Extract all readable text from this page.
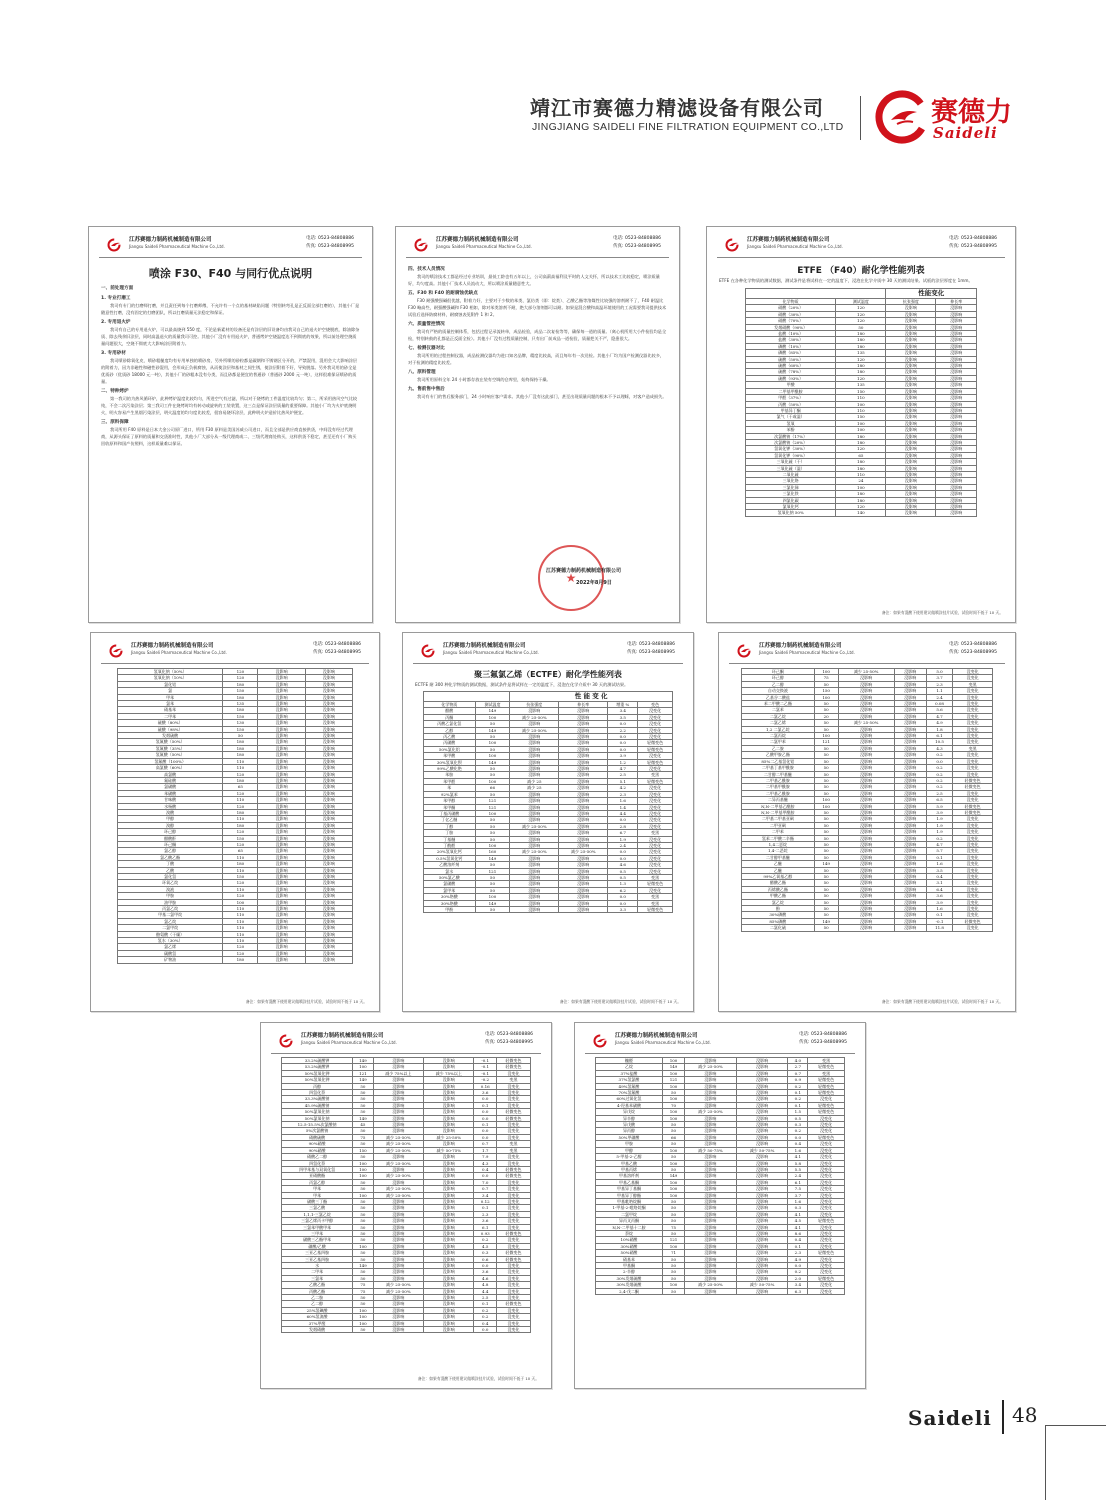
靖江市赛德力精滤设备有限公司
JINGJIANG SAIDELI FINE FILTRATION EQUIPMENT CO.,LTD	赛德力
Saideli
江苏赛德力制药机械制造有限公司
Jiangsu Saideli Pharmaceutical Machine Co.,Ltd.
电话: 0523-84808886
传真: 0523-84808995
喷涂 F30、F40 与同行优点说明
一、前处理方面
1. 专业打磨工

我司有专门的打磨师打磨，并且责任到每个打磨师傅，不允许有一个点的基材缺陷问题（特别转弯孔是正反面全部打磨的），其他小厂是随意性打磨，没有固定的打磨团队，所以打磨质量无法稳定和保证。

2. 专用退火炉

我司有自己的专用退火炉，可以最高烧到 550 度，不论是新素材的设备还是有涂层的旧设备均由我司自己的退火炉空烧脱底，除油除杂质、除去残余旧涂层，同时高温退火的质量我司可控。其他小厂没有专用退火炉，普通烤炉空烧温度达不到彻底的效果，所以前处理空烧质量问题很大，空烧不彻底大大影响涂层附着力。

3. 专用砂材

我司喷砂除氧化皮、喷砂粗糙度均有专用单独的喷砂房，另外所喷的砂粒都是碳钢和不锈钢区分开的，严禁混用，混用会大大影响涂层的附着力，因为非磁性和磁性砂混用，会形成正负极腐蚀，从而使涂层和基材之间生锈，使涂层附着不好，导致脱落。另外我司用的砂全是优质砂（优质砂 18000 元一吨），其他小厂的砂粗本没有分类，而且砂都是便宜的普通砂（普通砂 2000 元一吨），这样很难保证喷砂的质量。

二、特种烤炉

第一我司的为热风循环炉，此种烤炉温度比较均匀，所进空气有过滤，所以对于烧烤的工件温度比较均匀；第二，所采用热风空气比较纯，不会二次污染涂层；第三我司工件在烧烤时均有转动或旋转的工装装置，这三点是保证涂层质量的重要保障。其他小厂均为火炉底烧明火，明火容易产生黑烟污染涂层，明火温度的均匀度比较差，很容易烧坏涂层，此种明火炉造价比热风炉便宜。

三、原料保障

我司所用 F40 原料是日本大金公司原厂进口，所用 F30 原料是美国苏威公司进口，而且全部是供应商直接供货，中间没有经过代理商，从源头保证了原料的质量和交货准时性，其他小厂大部分从一级代理商或二、三级代理商处购买，这样供货不稳定，甚至还有小厂购买回收原料和国产仿照料，这样质量难以保证。

江苏赛德力制药机械制造有限公司
Jiangsu Saideli Pharmaceutical Machine Co.,Ltd.
电话: 0523-84808886
传真: 0523-84808995
四、技术人员情况

我司的喷涂技术工都是经过专业培训，最低工龄也有五年以上，公司高薪高福利及平时的人文关怀，所以技术工比较稳定，喷涂质量好，均匀度高。其他小厂技术人员流动大，所以喷涂质量随意性大。

五、F30 和 F40 的耐腐蚀优缺点

F30 耐强酸强碱很优越，附着力好，主要对于少数的苯类、氯仿类（即：烷类）、乙酸乙酯等溶媒性比较强的溶剂耐不了，F40 耐温比 F30 略高些，耐强酸强碱和 F30 相如，除对苯类溶剂不耐，绝大部分溶剂都可以耐。如果是混合酸和高温环境使用的工况需要我司提供技术试验后选择防腐材料，耐腐蚀表见附件 1 和 2。

六、质量管控情况

我司有严格的质量控制体系，包括过程记录流转单，成品检验，成品二次复检等等，确保每一道的质量。（离心机所用大小件检验均是全检，特别转鼓的孔都是正反面全检）。其他小厂没有过程质量控制，只有出厂前成品一道检验，质量把关不严，隐患很大。

七、检测仪器对比

我司所用的过程控制仪器，成品检测仪器均为进口知名品牌，精度比较高，而且每年有一次送检。其他小厂均为国产检测仪器比较多，对于检测的精度比较差。

八、原料管理

我司所用原料全年 24 小时都存放在装有空调的仓库里，始终保持干燥。

九、售前售中售后

我司有专门的售后服务部门，24 小时响应客户需求。其他小厂没有这此部门，甚至出现质量问题的根本不予以理睬，对客户造成损失。

★
江苏赛德力制药机械制造有限公司
2022年8月9日
江苏赛德力制药机械制造有限公司
Jiangsu Saideli Pharmaceutical Machine Co.,Ltd.
电话: 0523-84808886
传真: 0523-84808995
ETFE （F40）耐化学性能列表
ETFE 在各种化学物质的测试数据，测试条件是将试样在一定的温度下，浸泡在化学介质中 30 天的测试结果。试板的涂层厚度在 1mm。
		性能变化	
化学物质	测试温度	抗张强度	伸长率
硝酸（20%）	120	没影响	没影响
硝酸（30%）	120	没影响	没影响
硝酸（70%）	120	没影响	没影响
发烟硝酸（90%）	50	没影响	没影响
盐酸（10%）	180	没影响	没影响
盐酸（30%）	180	没影响	没影响
磷酸（10%）	180	没影响	没影响
磷酸（85%）	135	没影响	没影响
硫酸（50%）	120	没影响	没影响
硫酸（60%）	180	没影响	没影响
硫酸（78%）	180	没影响	没影响
硫酸（93%）	120	没影响	没影响
甲酸	135	没影响	没影响
二甲基甲酰胺	150	没影响	没影响
甲醛（37%）	110	没影响	没影响
丙酸（50%）	100	没影响	没影响
甲基异丁酮	110	没影响	没影响
氯气（干或湿）	150	没影响	没影响
氢氧	100	没影响	没影响
苯酚	100	没影响	没影响
次氯酸钠（17%）	180	没影响	没影响
次氯酸钠（20%）	180	没影响	没影响
氢氧化钾（30%）	120	没影响	没影响
氢氧化钾（90%）	65	没影响	没影响
三氧化硫（干）	180	没影响	没影响
三氧化硫（湿）	180	没影响	没影响
二氧化硫	110	没影响	没影响
三氧化铬	24	没影响	没影响
三氯化锑	100	没影响	没影响
三氯化铁	180	没影响	没影响
四氯化碳	180	没影响	没影响
氯氧化钙	120	没影响	没影响
氢氧化钠 50%	140	没影响	没影响
备注：如果有混酸下使用建议做喷涂挂片试验，试验时间不低于 10 天。
江苏赛德力制药机械制造有限公司
Jiangsu Saideli Pharmaceutical Machine Co.,Ltd.
电话: 0523-84808886
传真: 0523-84808995
氢氧化钠（50%）	120	没影响	没影响
氢氧化钠（10%）	120	没影响	没影响
氯化铝	180	没影响	没影响
氯	150	没影响	没影响
甲苯	180	没影响	没影响
氯苯	135	没影响	没影响
硝基苯	180	没影响	没影响
二甲苯	150	没影响	没影响
硫酸（80%）	130	没影响	没影响
硫酸（98%）	150	没影响	没影响
发烟硫酸	50	没影响	没影响
氢氟酸（50%）	180	没影响	没影响
氢氟酸（35%）	180	没影响	没影响
氢氟酸（50%）	180	没影响	没影响
氢氟酸（100%）	110	没影响	没影响
高氯酸（60%）	110	没影响	没影响
高氯酸	120	没影响	没影响
氟硅酸	180	没影响	没影响
氯磺酸	65	没影响	没影响
苯磺酸	120	没影响	没影响
甘味酸	110	没影响	没影响
水杨酸	120	没影响	没影响
溴酸	180	没影响	没影响
甲醇	110	没影响	没影响
溴醇	180	没影响	没影响
环己醇	120	没影响	没影响
醋酸酐	150	没影响	没影响
环己酮	120	没影响	没影响
氯乙醇	65	没影响	没影响
氯乙酸乙酯	110	没影响	没影响
丁酸	180	没影响	没影响
乙酸	110	没影响	没影响
氯化氢	150	没影响	没影响
环氧乙烷	120	没影响	没影响
溴液	110	没影响	没影响
甲胺	120	没影响	没影响
油甲胺	100	没影响	没影响
丙氯乙烷	110	没影响	没影响
甲基二氯甲烷	110	没影响	没影响
氯乙烷	110	没影响	没影响
二氯甲烷	110	没影响	没影响
酪氨酸（干燥）	110	没影响	没影响
氢水（30%）	110	没影响	没影响
氯乙烯	120	没影响	没影响
碳酸氢	120	没影响	没影响
矿物油	180	没影响	没影响
备注：如果有混酸下使用建议做喷涂挂片试验，试验时间不低于 10 天。
江苏赛德力制药机械制造有限公司
Jiangsu Saideli Pharmaceutical Machine Co.,Ltd.
电话: 0523-84808886
传真: 0523-84808995
聚三氟氯乙烯（ECTFE）耐化学性能列表
ECTFE 耐 300 种化学物质的测试数据，测试条件是将试样在一定的温度下，浸泡在化学介质中 30 天的测试结果。
		性 能 变 化			
化学物质	测试温度	抗张强度	伸长率	增重 %	变色
醋酸	149	没影响	没影响	3.4	没变化
丙酮	100	减少 25-50%	没影响	3.5	没变化
丙酸乙氯化氢	50	没影响	没影响	0.0	没变化
乙醇	149	减少 25-50%	没影响	2.2	没变化
丙乙酸	50	没影响	没影响	0.0	没变化
丙磺酸	100	没影响	没影响	0.0	轻微变色
50%氯化铝	50	没影响	没影响	0.0	轻微变色
苯甲酸	100	没影响	没影响	3.9	没变化
30%氢氧化钡	149	没影响	没影响	1.2	轻微变色
99%乙酸化铯	50	没影响	没影响	4.7	没变化
苯胺	50	没影响	没影响	2.5	变黑
苯甲醛	100	减少 25	没影响	5.1	轻微变色
苯	66	减少 25	没影响	4.2	没变化
92%氯苯	50	没影响	没影响	2.3	没变化
苯甲醇	121	没影响	没影响	1.6	没变化
苯甲酮	121	没影响	没影响	1.4	没变化
丁基丙磺酸	100	没影响	没影响	4.4	没变化
丁亿乙醚	50	没影响	没影响	0.0	没变化
丁醇	50	减少 25-50%	没影响	2.8	没变化
丁胺	50	没影响	没影响	6.7	变黑
丁基醚	50	没影响	没影响	1.9	没变化
丁酰醛	100	没影响	没影响	2.4	没变化
20%氢氧化钙	160	减少 25-50%	减少 25-50%	0.0	没变化
0.5%氢氧化钙	149	没影响	没影响	0.0	没变化
乙酸溶纤剂	50	没影响	没影响	4.6	没变化
氯水	121	没影响	没影响	0.5	没变化
50%氯乙酸	50	没影响	没影响	0.5	变黑
氯磺酸	50	没影响	没影响	1.3	轻微变色
氯甲苯	50	没影响	没影响	6.2	没变化
30%铬酸	100	没影响	没影响	0.0	变黑
30%铬酸	149	没影响	没影响	0.0	变黑
甲酚	50	没影响	没影响	3.3	轻微变色
备注：如果有混酸下使用建议做喷涂挂片试验，试验时间不低于 10 天。
江苏赛德力制药机械制造有限公司
Jiangsu Saideli Pharmaceutical Machine Co.,Ltd.
电话: 0523-84808886
传真: 0523-84808995
环己酮	100	减少 25-50%	没影响	5.0	没变化
环己醇	75	没影响	没影响	3.7	没变化
乙二醇	50	没影响	没影响	2.3	变黑
自动交换液	150	没影响	没影响	1.1	没变化
乙基谷二酸盐	100	没影响	没影响	2.4	没变化
苯二甲酸二乙酯	50	没影响	没影响	0.08	没变化
二氯苯	50	没影响	没影响	5.6	没变化
二氯乙烷	20	没影响	没影响	4.7	没变化
二氯乙烯	50	减少 25-50%	没影响	4.9	没变化
1,2 二氯乙烷	50	没影响	没影响	1.8	没变化
二氯丙烷	100	没影响	没影响	6.1	没变化
二氯甲苯	121	没影响	没影响	10.5	没变化
乙二胺	50	没影响	没影响	4.3	变黑
乙酸甲胺乙酯	50	没影响	没影响	0.2	没变化
85%二乙基氢化铝	50	没影响	没影响	0.0	没变化
二甲基丁基甲酰胺	50	没影响	没影响	0.2	没变化
二甘醇二甲基醚	50	没影响	没影响	0.2	没变化
二甲基乙酰胺	50	没影响	没影响	0.2	轻微变色
二甲基甲酰胺	50	没影响	没影响	0.2	轻微变色
二甲基乙酰胺	50	没影响	没影响	2.5	没变化
二异丙基醚	100	没影响	没影响	6.5	没变化
N,N-二甲基乙酰胺	100	没影响	没影响	5.9	轻微变色
N,N-二甲基甲酰胺	50	没影响	没影响	3.9	轻微变色
二甲基二甲基亚砜	50	没影响	没影响	1.9	没变化
二甲亚砜	50	没影响	没影响	1.9	没变化
二甲苯	50	没影响	没影响	1.9	没变化
氢苯二甲酸二辛酯	50	没影响	没影响	0.2	没变化
1,4二恶烷	50	没影响	没影响	4.7	没变化
1,4-二恶烷	50	没影响	没影响	5.7	没变化
二甘醇甲基醚	50	没影响	没影响	0.1	没变化
乙醚	149	没影响	没影响	1.6	没变化
乙醚	50	没影响	没影响	3.5	没变化
99%乙氧基乙醇	50	没影响	没影响	0.4	没变化
醋酸乙酯	50	没影响	没影响	3.1	没变化
丙烯酸乙酯	50	没影响	没影响	6.4	没变化
甲酸乙酯	50	没影响	没影响	3.6	没变化
氯乙烷	50	没影响	没影响	3.9	没变化
酚	50	没影响	没影响	1.6	没变化
30%磷酸	50	没影响	没影响	0.1	没变化
85%磷酸	149	没影响	没影响	-0.1	轻微变色
二氯化硫	50	没影响	没影响	11.8	没变化
备注：如果有混酸下使用建议做喷涂挂片试验，试验时间不低于 10 天。
江苏赛德力制药机械制造有限公司
Jiangsu Saideli Pharmaceutical Machine Co.,Ltd.
电话: 0523-84808886
传真: 0523-84808995
33.2%硫酸钾	149	没影响	没影响	-0.1	轻微变色
53.2%硫酸钾	100	没影响	没影响	-0.1	轻微变色
50%氢氧化钾	121	减少 75%以上	减少 75%以上	-0.1	没变化
50%氢氧化钾	149	没影响	没影响	-0.2	变黑
丙醇	50	没影响	没影响	0.16	没变化
四氢化萘	50	没影响	没影响	3.6	没变化
33.3%硫酸钠	50	没影响	没影响	0.0	没变化
45.9%硫酸钠	50	没影响	没影响	0.1	没变化
50%氯氧化钠	50	没影响	没影响	0.0	轻微变色
50%氯氧化钠	149	没影响	没影响	0.0	轻微变色
12.5-15.5%次氯酸钠	45	没影响	没影响	0.1	没变化
5%次氯酸钠	50	没影响	没影响	0.0	没变化
硝酸硫酸	75	减少 25-50%	减少 25-50%	0.0	没变化
90%硝酸	50	减少 25-50%	没影响	0.7	变黑
90%硝酸	150	减少 25-50%	减少 50-75%	1.7	变黑
硝酸乙二醇	50	没影响	没影响	7.9	没变化
四氢化萘	100	减少 25-50%	没影响	4.3	没变化
四甲苯基与双氧化氢	100	没影响	没影响	0.4	轻微变色
亚硝酸酯	100	减少 25-50%	没影响	0.0	轻微变色
丙氯乙醇	50	没影响	没影响	7.0	没变化
甲苯	50	减少 25-50%	没影响	0.7	没变化
甲苯	100	减少 25-50%	没影响	3.4	没变化
磺酸三丁酯	50	没影响	没影响	0.12	没变化
三氯乙酸	50	没影响	没影响	0.1	没变化
1,1,1-三氯乙烷	50	没影响	没影响	2.3	没变化
三氯乙烯丙卡甲醇	50	没影响	没影响	3.6	没变化
三氯苯甲酸甲苯	50	没影响	没影响	6.1	没变化
三甲苯	50	没影响	没影响	0.93	轻微变色
磺酸三乙酯甲苯	50	没影响	没影响	0.2	没变化
磺酸/乙酸	100	没影响	没影响	4.5	没变化
三亚乙基四胺	50	没影响	没影响	0.3	轻微变色
三亚乙基四胺	50	没影响	没影响	0.6	轻微变色
水	149	没影响	没影响	0.0	没变化
二甲苯	50	没影响	没影响	3.6	没变化
三氯苯	50	没影响	没影响	4.6	没变化
乙酸乙酯	75	减少 25-50%	没影响	4.8	没变化
丙酸乙酯	75	减少 25-50%	没影响	4.4	没变化
乙二胺	50	没影响	没影响	2.5	没变化
乙二醇	50	没影响	没影响	0.1	轻微变色
25%氢碘酸	100	没影响	没影响	0.2	没变化
60%氢溴酸	100	没影响	没影响	0.2	没变化
37%甲醛	100	没影响	没影响	0.4	没变化
发烟硝酸	50	没影响	没影响	0.0	没变化
备注：如果有混酸下使用建议做喷涂挂片试验，试验时间不低于 10 天。
江苏赛德力制药机械制造有限公司
Jiangsu Saideli Pharmaceutical Machine Co.,Ltd.
电话: 0523-84808886
传真: 0523-84808995
糠醛	100	没影响	没影响	4.0	变黑
乙烷	149	减少 25-50%	没影响	2.7	轻微变色
37%盐酸	100	没影响	没影响	0.7	变黑
37%氢氯酸	121	没影响	没影响	0.9	轻微变色
49%氢氟酸	100	没影响	没影响	0.2	轻微变色
70%氢氟酸	50	没影响	没影响	0.1	轻微变色
60%过氧化氢	100	没影响	没影响	0.2	没变化
4-羟基苯磺酸	70	没影响	没影响	0.1	轻微变色
异戊烷	100	减少 25-50%	没影响	1.5	轻微变色
异辛醇	100	没影响	没影响	0.5	没变化
异戊酸	50	没影响	没影响	0.3	没变化
异丙醇	50	没影响	没影响	0.2	没变化
50%甲磺酸	66	没影响	没影响	0.0	轻微变色
甲胺	50	没影响	没影响	0.4	没变化
甲醇	100	减少 50-75%	减少 50-75%	1.6	没变化
5-甲基-2-乙醇	50	没影响	没影响	4.1	没变化
甲基乙酸	100	没影响	没影响	5.8	没变化
甲基丙烯	50	没影响	没影响	5.5	没变化
甲基溶纤剂	149	没影响	没影响	2.4	没变化
甲基乙基酮	100	没影响	没影响	6.1	没变化
甲基异丁基酮	100	没影响	没影响	7.5	没变化
甲基异丁醇酯	100	没影响	没影响	3.7	没变化
甲基吡咯烷酮	50	没影响	没影响	1.6	没变化
1-甲基-2-吡咯烷酮	50	没影响	没影响	0.3	没变化
二氯甲烷	50	没影响	没影响	4.1	没变化
异丙叉丙酮	50	没影响	没影响	4.5	轻微变色
N,N-二甲基十二胺	75	没影响	没影响	4.1	没变化
萘烷	50	没影响	没影响	8.6	没变化
10%硝酸	121	没影响	没影响	0.4	没变化
30%硝酸	100	没影响	没影响	0.1	没变化
50%硝酸	71	没影响	没影响	2.3	轻微变色
硝基苯	50	没影响	没影响	4.9	没变化
甲基酮	50	没影响	没影响	0.0	没变化
2-辛醇	50	没影响	没影响	0.2	没变化
30%发烟硫酸	50	没影响	没影响	2.0	轻微变色
30%发烟硫酸	100	减少 25-50%	减少 50-75%	3.4	没变化
2,4-戊二酮	50	没影响	没影响	6.3	没变化
Saideli 48
